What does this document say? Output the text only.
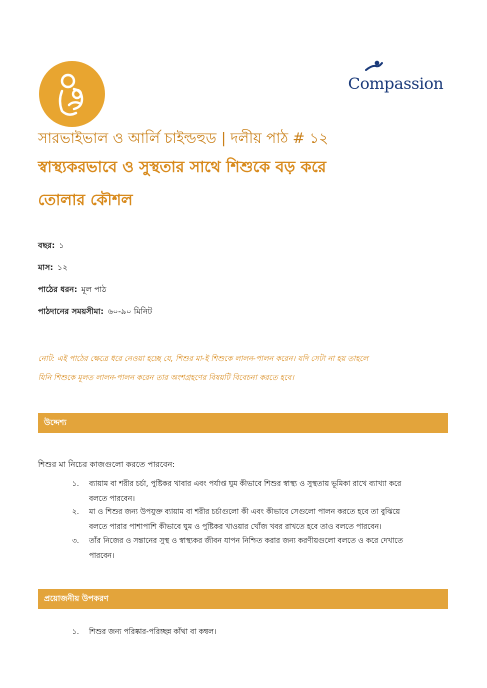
Compassion
সারভাইভাল ও আর্লি চাইল্ডহুড | দলীয় পাঠ # ১২
স্বাস্থ্যকরভাবে ও সুস্থতার সাথে শিশুকে বড় করে
তোলার কৌশল
বছর: ১
মাস: ১২
পাঠের ধরন: মূল পাঠ
পাঠদানের সময়সীমা: ৬০-৯০ মিনিট
নোট: এই পাঠের ক্ষেত্রে ধরে নেওয়া হচ্ছে যে, শিশুর মা-ই শিশুকে লালন-পালন করেন। যদি সেটা না হয় তাহলে
যিনি শিশুকে মূলত লালন-পালন করেন তার অংশগ্রহণের বিষয়টি বিবেচনা করতে হবে।
উদ্দেশ্য
শিশুর মা নিচের কাজগুলো করতে পারবেন:
১. ব্যায়াম বা শরীর চর্চা, পুষ্টিকর খাবার এবং পর্যাপ্ত ঘুম কীভাবে শিশুর স্বাস্থ্য ও সুস্থতায় ভূমিকা রাখে ব্যাখ্যা করে
বলতে পারবেন।
২. মা ও শিশুর জন্য উপযুক্ত ব্যায়াম বা শরীর চর্চাগুলো কী এবং কীভাবে সেগুলো পালন করতে হবে তা বুঝিয়ে
বলতে পারার পাশাপাশি কীভাবে ঘুম ও পুষ্টিকর খাওয়ার খোঁজ খবর রাখতে হবে তাও বলতে পারবেন।
৩. তাঁর নিজের ও সন্তানের সুস্থ ও স্বাস্থ্যকর জীবন যাপন নিশ্চিত করার জন্য করণীয়গুলো বলতে ও করে দেখাতে
পারবেন।
প্রয়োজনীয় উপকরণ
১. শিশুর জন্য পরিষ্কার-পরিচ্ছন্ন কাঁথা বা কম্বল।
